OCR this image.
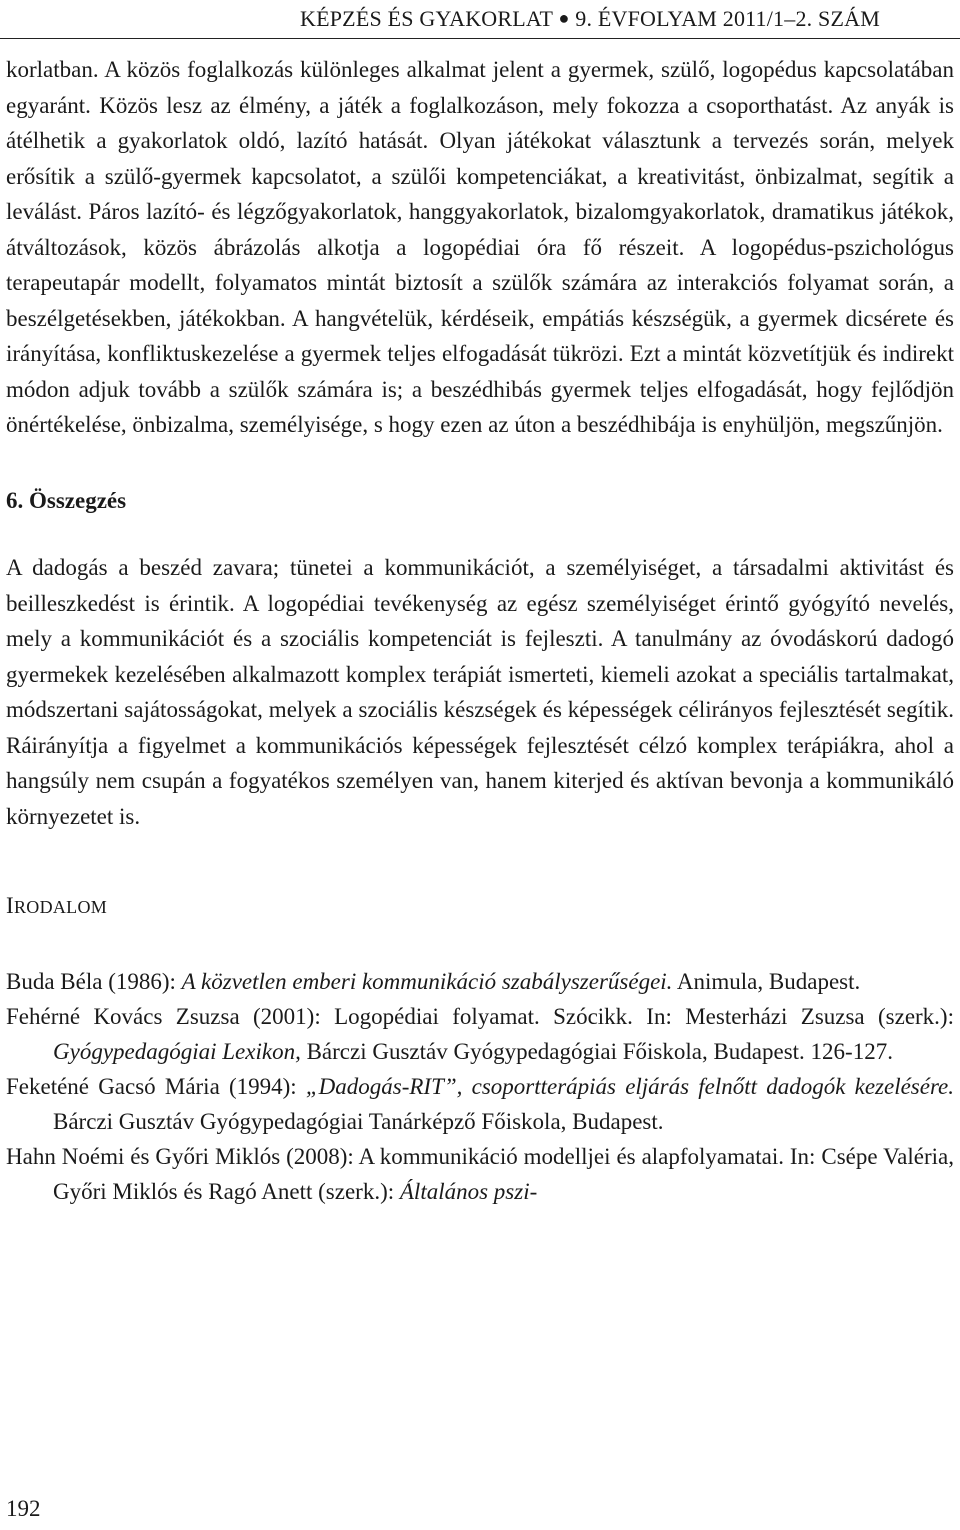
KÉPZÉS ÉS GYAKORLAT ● 9. ÉVFOLYAM 2011/1–2. SZÁM

korlatban. A közös foglalkozás különleges alkalmat jelent a gyermek, szülő, logopédus kapcsolatában egyaránt. Közös lesz az élmény, a játék a foglalkozáson, mely fokozza a csoporthatást. Az anyák is átélhetik a gyakorlatok oldó, lazító hatását. Olyan játékokat választunk a tervezés során, melyek erősítik a szülő-gyermek kapcsolatot, a szülői kompetenciákat, a kreativitást, önbizalmat, segítik a leválást. Páros lazító- és légzőgyakorlatok, hanggyakorlatok, bizalomgyakorlatok, dramatikus játékok, átváltozások, közös ábrázolás alkotja a logopédiai óra fő részeit. A logopédus-pszichológus terapeutapár modellt, folyamatos mintát biztosít a szülők számára az interakciós folyamat során, a beszélgetésekben, játékokban. A hangvételük, kérdéseik, empátiás készségük, a gyermek dicsérete és irányítása, konfliktuskezelése a gyermek teljes elfogadását tükrözi. Ezt a mintát közvetítjük és indirekt módon adjuk tovább a szülők számára is; a beszédhibás gyermek teljes elfogadását, hogy fejlődjön önértékelése, önbizalma, személyisége, s hogy ezen az úton a beszédhibája is enyhüljön, megszűnjön.

6. Összegzés

A dadogás a beszéd zavara; tünetei a kommunikációt, a személyiséget, a társadalmi aktivitást és beilleszkedést is érintik. A logopédiai tevékenység az egész személyiséget érintő gyógyító nevelés, mely a kommunikációt és a szociális kompetenciát is fejleszti. A tanulmány az óvodáskorú dadogó gyermekek kezelésében alkalmazott komplex terápiát ismerteti, kiemeli azokat a speciális tartalmakat, módszertani sajátosságokat, melyek a szociális készségek és képességek célirányos fejlesztését segítik. Ráirányítja a figyelmet a kommunikációs képességek fejlesztését célzó komplex terápiákra, ahol a hangsúly nem csupán a fogyatékos személyen van, hanem kiterjed és aktívan bevonja a kommunikáló környezetet is.

IRODALOM
Buda Béla (1986): A közvetlen emberi kommunikáció szabályszerűségei. Animula, Budapest.
Fehérné Kovács Zsuzsa (2001): Logopédiai folyamat. Szócikk. In: Mesterházi Zsuzsa (szerk.): Gyógypedagógiai Lexikon, Bárczi Gusztáv Gyógypedagógiai Főiskola, Budapest. 126-127.
Feketéné Gacsó Mária (1994): „Dadogás-RIT”, csoportterápiás eljárás felnőtt dadogók kezelésére. Bárczi Gusztáv Gyógypedagógiai Tanárképző Főiskola, Budapest.
Hahn Noémi és Győri Miklós (2008): A kommunikáció modelljei és alapfolyamatai. In: Csépe Valéria, Győri Miklós és Ragó Anett (szerk.): Általános pszi-
192
